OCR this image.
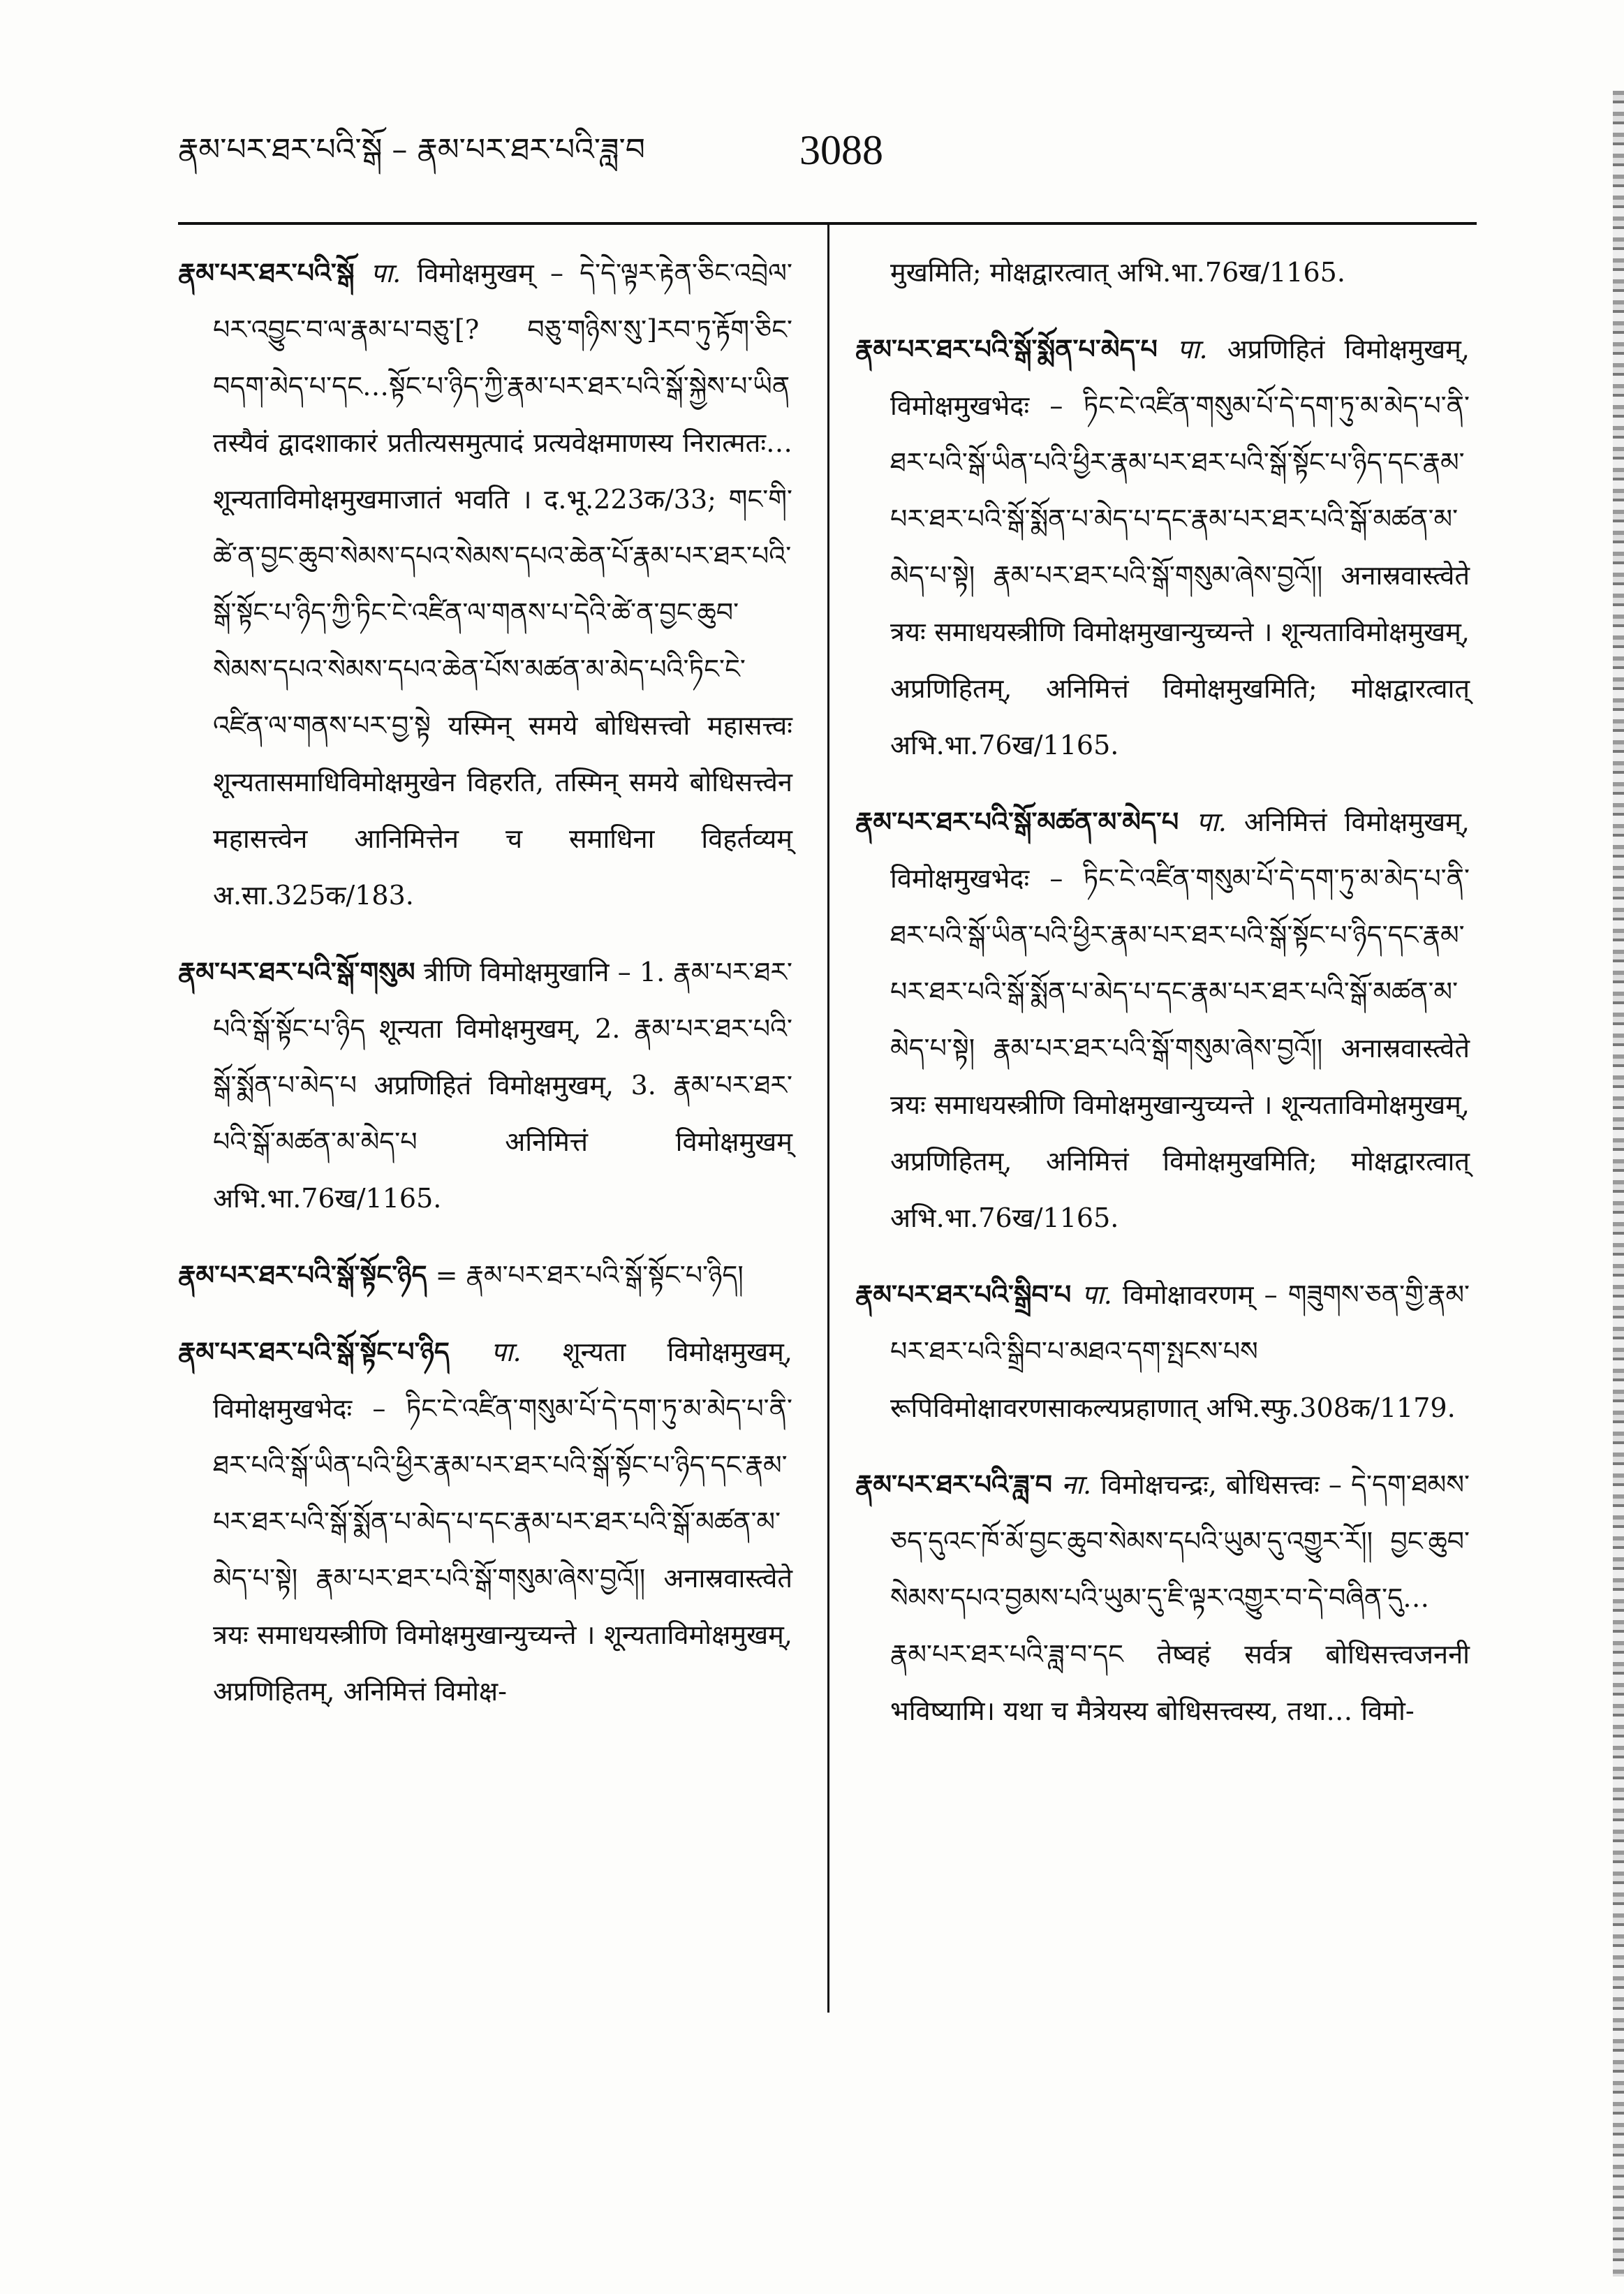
རྣམ་པར་ཐར་པའི་སྒོ – རྣམ་པར་ཐར་པའི་ཟླ་བ	3088

རྣམ་པར་ཐར་པའི་སྒོ पा. विमोक्षमुखम् – དེ་དེ་ལྟར་རྟེན་ཅིང་འབྲེལ་པར་འབྱུང་བ་ལ་རྣམ་པ་བཅུ་[? བཅུ་གཉིས་སུ་]རབ་ཏུ་རྟོག་ཅིང་བདག་མེད་པ་དང…སྟོང་པ་ཉིད་ཀྱི་རྣམ་པར་ཐར་པའི་སྒོ་སྐྱེས་པ་ཡིན तस्यैवं द्वादशाकारं प्रतीत्यसमुत्पादं प्रत्यवेक्षमाणस्य निरात्मतः…शून्यताविमोक्षमुखमाजातं भवति । द.भू.223क/33; གང་གི་ཚེ་ན་བྱང་ཆུབ་སེམས་དཔའ་སེམས་དཔའ་ཆེན་པོ་རྣམ་པར་ཐར་པའི་སྒོ་སྟོང་པ་ཉིད་ཀྱི་ཏིང་ངེ་འཛིན་ལ་གནས་པ་དེའི་ཚེ་ན་བྱང་ཆུབ་སེམས་དཔའ་སེམས་དཔའ་ཆེན་པོས་མཚན་མ་མེད་པའི་ཏིང་ངེ་འཛིན་ལ་གནས་པར་བྱ་སྟེ यस्मिन् समये बोधिसत्त्वो महासत्त्वः शून्यतासमाधिविमोक्षमुखेन विहरति, तस्मिन् समये बोधिसत्त्वेन महासत्त्वेन आनिमित्तेन च समाधिना विहर्तव्यम् अ.सा.325क/183.

རྣམ་པར་ཐར་པའི་སྒོ་གསུམ त्रीणि विमोक्षमुखानि – 1. རྣམ་པར་ཐར་པའི་སྒོ་སྟོང་པ་ཉིད शून्यता विमोक्षमुखम्, 2. རྣམ་པར་ཐར་པའི་སྒོ་སྨོན་པ་མེད་པ अप्रणिहितं विमोक्षमुखम्, 3. རྣམ་པར་ཐར་པའི་སྒོ་མཚན་མ་མེད་པ अनिमित्तं विमोक्षमुखम् अभि.भा.76ख/1165.

རྣམ་པར་ཐར་པའི་སྒོ་སྟོང་ཉིད = རྣམ་པར་ཐར་པའི་སྒོ་སྟོང་པ་ཉིད།

རྣམ་པར་ཐར་པའི་སྒོ་སྟོང་པ་ཉིད पा. शून्यता विमोक्षमुखम्, विमोक्षमुखभेदः – ཏིང་ངེ་འཛིན་གསུམ་པོ་དེ་དག་ཏུ་མ་མེད་པ་ནི་ཐར་པའི་སྒོ་ཡིན་པའི་ཕྱིར་རྣམ་པར་ཐར་པའི་སྒོ་སྟོང་པ་ཉིད་དང་རྣམ་པར་ཐར་པའི་སྒོ་སྨོན་པ་མེད་པ་དང་རྣམ་པར་ཐར་པའི་སྒོ་མཚན་མ་མེད་པ་སྟེ། རྣམ་པར་ཐར་པའི་སྒོ་གསུམ་ཞེས་བྱའོ།། अनास्रवास्त्वेते त्रयः समाधयस्त्रीणि विमोक्षमुखान्युच्यन्ते । शून्यताविमोक्षमुखम्, अप्रणिहितम्, अनिमित्तं विमोक्ष-

मुखमिति; मोक्षद्वारत्वात् अभि.भा.76ख/1165.

རྣམ་པར་ཐར་པའི་སྒོ་སྨོན་པ་མེད་པ पा. अप्रणिहितं विमोक्षमुखम्, विमोक्षमुखभेदः – ཏིང་ངེ་འཛིན་གསུམ་པོ་དེ་དག་ཏུ་མ་མེད་པ་ནི་ཐར་པའི་སྒོ་ཡིན་པའི་ཕྱིར་རྣམ་པར་ཐར་པའི་སྒོ་སྟོང་པ་ཉིད་དང་རྣམ་པར་ཐར་པའི་སྒོ་སྨོན་པ་མེད་པ་དང་རྣམ་པར་ཐར་པའི་སྒོ་མཚན་མ་མེད་པ་སྟེ། རྣམ་པར་ཐར་པའི་སྒོ་གསུམ་ཞེས་བྱའོ།། अनास्रवास्त्वेते त्रयः समाधयस्त्रीणि विमोक्षमुखान्युच्यन्ते । शून्यताविमोक्षमुखम्, अप्रणिहितम्, अनिमित्तं विमोक्षमुखमिति; मोक्षद्वारत्वात् अभि.भा.76ख/1165.

རྣམ་པར་ཐར་པའི་སྒོ་མཚན་མ་མེད་པ पा. अनिमित्तं विमोक्षमुखम्, विमोक्षमुखभेदः – ཏིང་ངེ་འཛིན་གསུམ་པོ་དེ་དག་ཏུ་མ་མེད་པ་ནི་ཐར་པའི་སྒོ་ཡིན་པའི་ཕྱིར་རྣམ་པར་ཐར་པའི་སྒོ་སྟོང་པ་ཉིད་དང་རྣམ་པར་ཐར་པའི་སྒོ་སྨོན་པ་མེད་པ་དང་རྣམ་པར་ཐར་པའི་སྒོ་མཚན་མ་མེད་པ་སྟེ། རྣམ་པར་ཐར་པའི་སྒོ་གསུམ་ཞེས་བྱའོ།། अनास्रवास्त्वेते त्रयः समाधयस्त्रीणि विमोक्षमुखान्युच्यन्ते । शून्यताविमोक्षमुखम्, अप्रणिहितम्, अनिमित्तं विमोक्षमुखमिति; मोक्षद्वारत्वात् अभि.भा.76ख/1165.

རྣམ་པར་ཐར་པའི་སྒྲིབ་པ पा. विमोक्षावरणम् – གཟུགས་ཅན་གྱི་རྣམ་པར་ཐར་པའི་སྒྲིབ་པ་མཐའ་དག་སྤངས་པས रूपिविमोक्षावरणसाकल्यप्रहाणात् अभि.स्फु.308क/1179.

རྣམ་པར་ཐར་པའི་ཟླ་བ ना. विमोक्षचन्द्रः, बोधिसत्त्वः – དེ་དག་ཐམས་ཅད་དུའང་ཁོ་མོ་བྱང་ཆུབ་སེམས་དཔའི་ཡུམ་དུ་འགྱུར་རོ།། བྱང་ཆུབ་སེམས་དཔའ་བྱམས་པའི་ཡུམ་དུ་ཇི་ལྟར་འགྱུར་བ་དེ་བཞིན་དུ…རྣམ་པར་ཐར་པའི་ཟླ་བ་དང तेष्वहं सर्वत्र बोधिसत्त्वजननी भविष्यामि। यथा च मैत्रेयस्य बोधिसत्त्वस्य, तथा… विमो-
